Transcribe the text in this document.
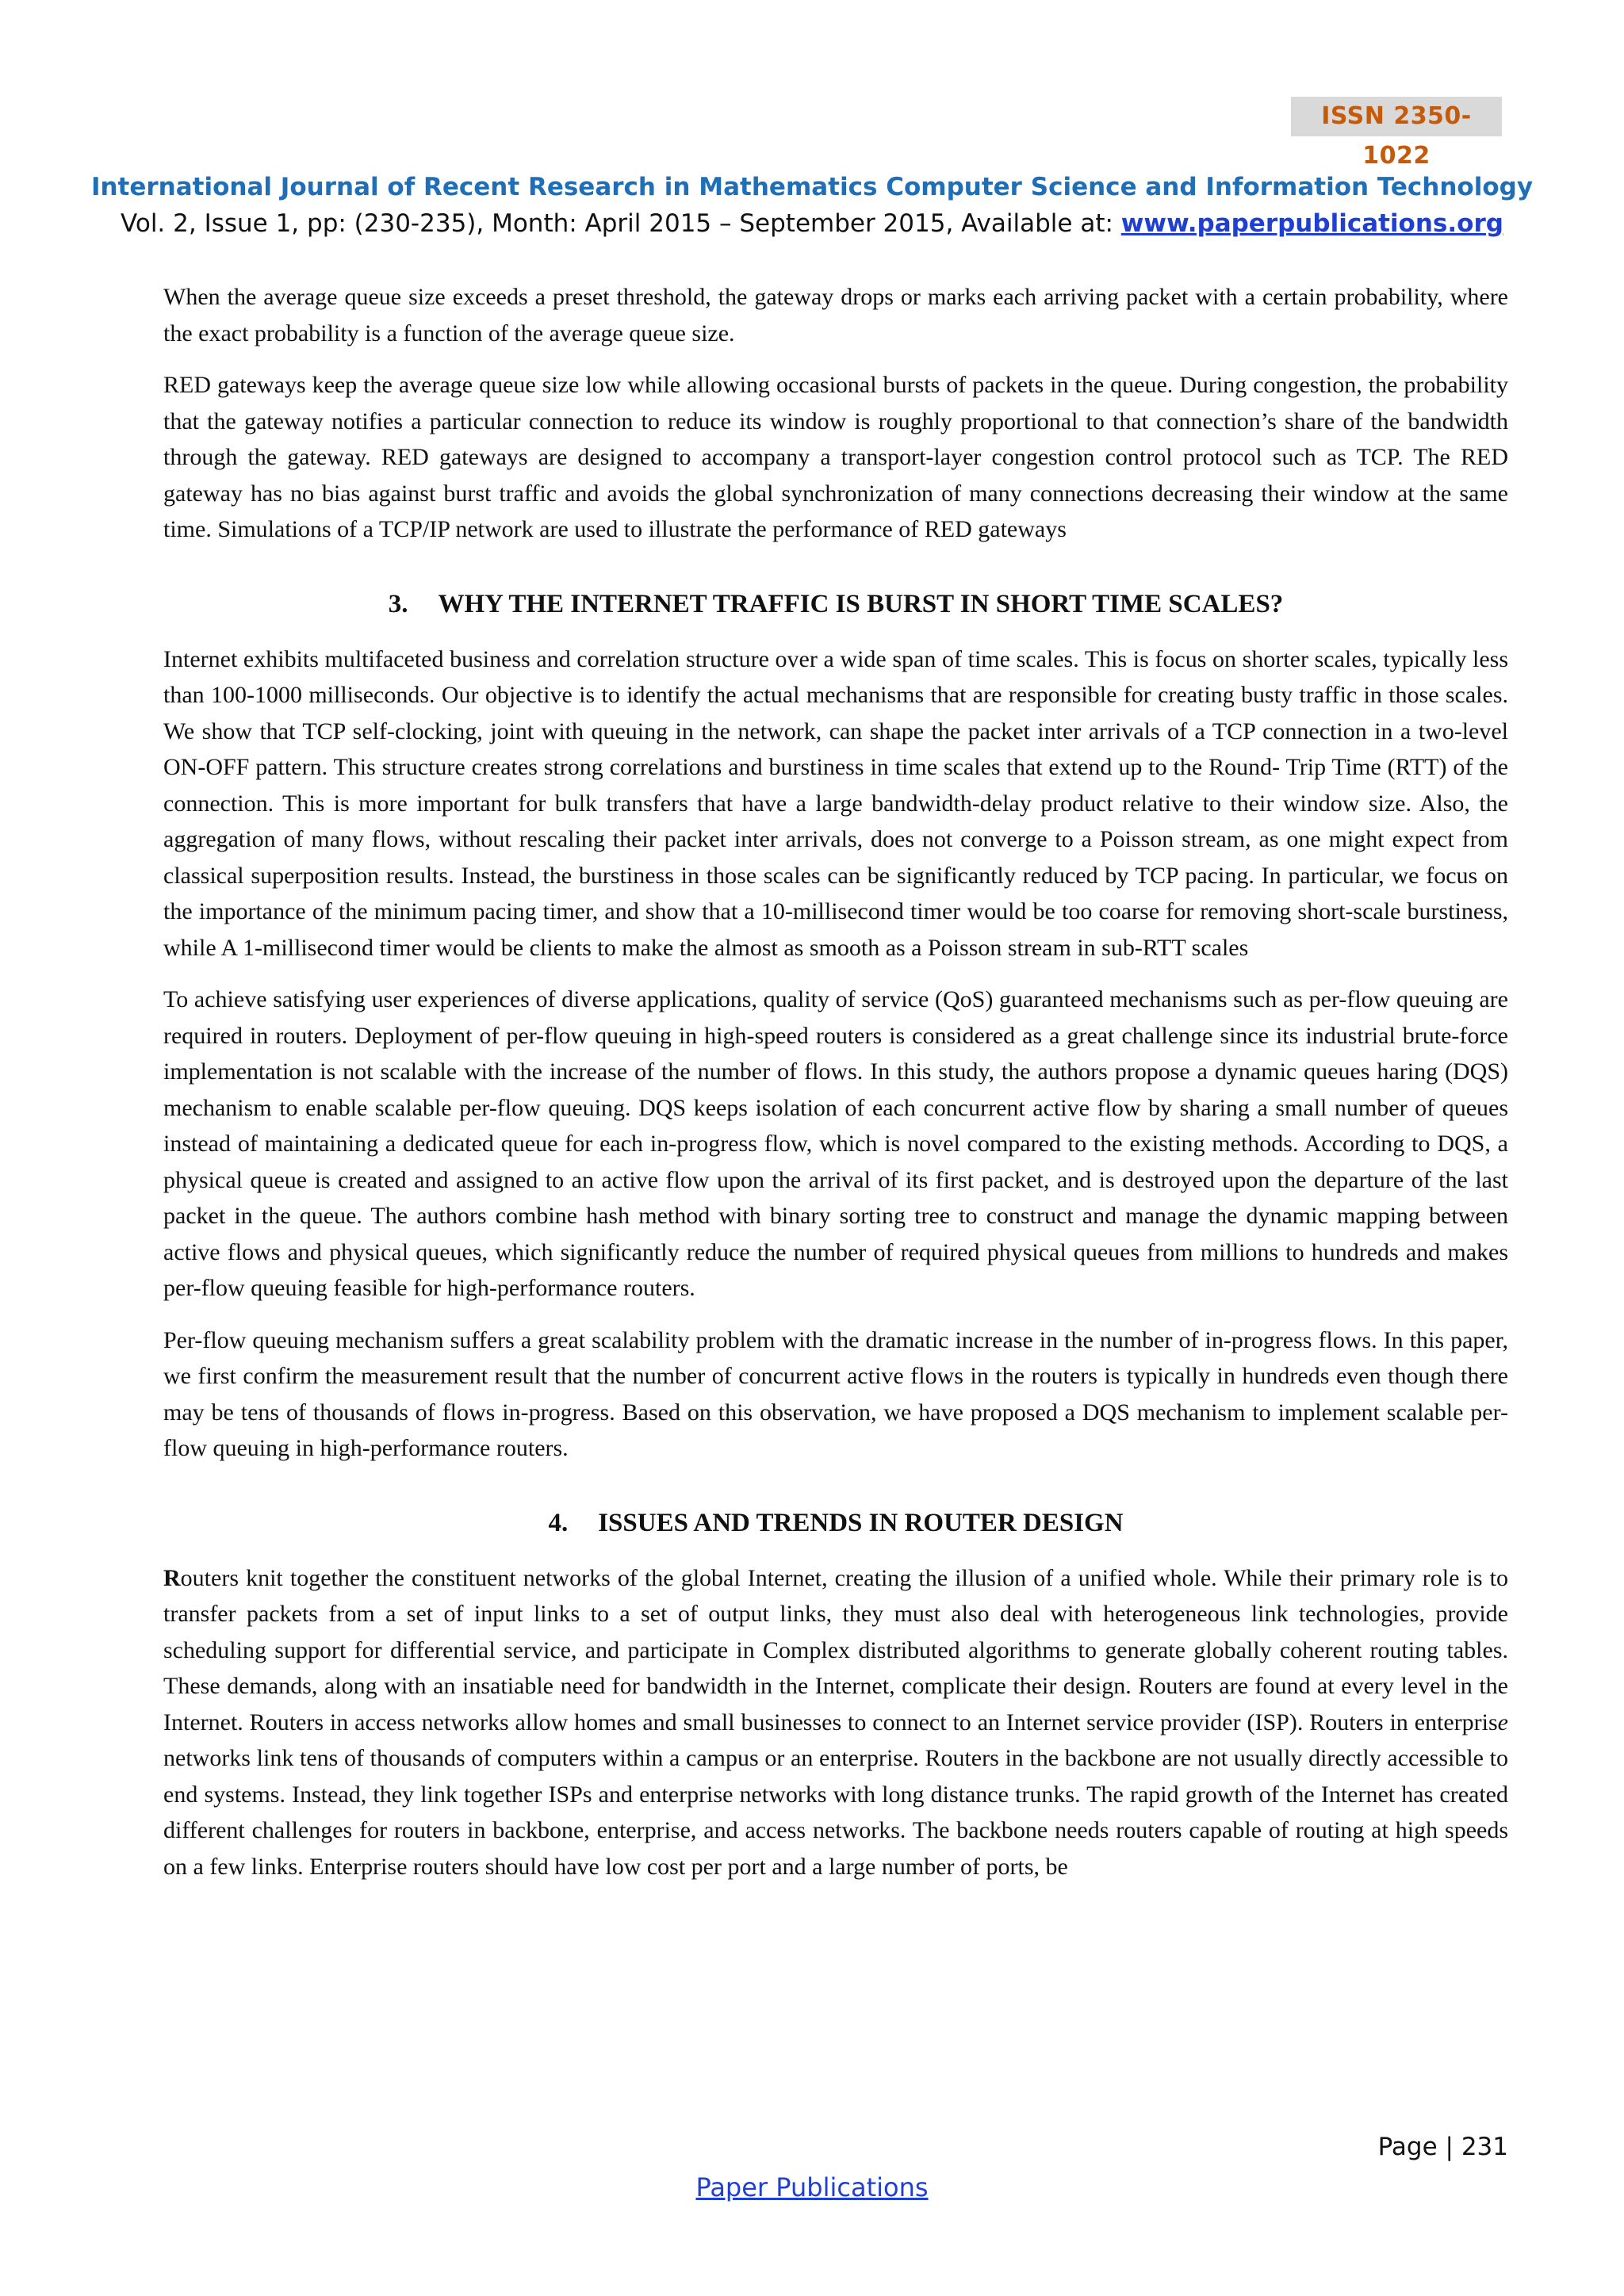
ISSN 2350-1022
International Journal of Recent Research in Mathematics Computer Science and Information Technology
Vol. 2, Issue 1, pp: (230-235), Month: April 2015 – September 2015, Available at: www.paperpublications.org

When the average queue size exceeds a preset threshold, the gateway drops or marks each arriving packet with a certain probability, where the exact probability is a function of the average queue size.

RED gateways keep the average queue size low while allowing occasional bursts of packets in the queue. During congestion, the probability that the gateway notifies a particular connection to reduce its window is roughly proportional to that connection’s share of the bandwidth through the gateway. RED gateways are designed to accompany a transport-layer congestion control protocol such as TCP. The RED gateway has no bias against burst traffic and avoids the global synchronization of many connections decreasing their window at the same time. Simulations of a TCP/IP network are used to illustrate the performance of RED gateways

3. WHY THE INTERNET TRAFFIC IS BURST IN SHORT TIME SCALES?

Internet exhibits multifaceted business and correlation structure over a wide span of time scales. This is focus on shorter scales, typically less than 100-1000 milliseconds. Our objective is to identify the actual mechanisms that are responsible for creating busty traffic in those scales. We show that TCP self-clocking, joint with queuing in the network, can shape the packet inter arrivals of a TCP connection in a two-level ON-OFF pattern. This structure creates strong correlations and burstiness in time scales that extend up to the Round- Trip Time (RTT) of the connection. This is more important for bulk transfers that have a large bandwidth-delay product relative to their window size. Also, the aggregation of many flows, without rescaling their packet inter arrivals, does not converge to a Poisson stream, as one might expect from classical superposition results. Instead, the burstiness in those scales can be significantly reduced by TCP pacing. In particular, we focus on the importance of the minimum pacing timer, and show that a 10-millisecond timer would be too coarse for removing short-scale burstiness, while A 1-millisecond timer would be clients to make the almost as smooth as a Poisson stream in sub-RTT scales

To achieve satisfying user experiences of diverse applications, quality of service (QoS) guaranteed mechanisms such as per-flow queuing are required in routers. Deployment of per-flow queuing in high-speed routers is considered as a great challenge since its industrial brute-force implementation is not scalable with the increase of the number of flows. In this study, the authors propose a dynamic queues haring (DQS) mechanism to enable scalable per-flow queuing. DQS keeps isolation of each concurrent active flow by sharing a small number of queues instead of maintaining a dedicated queue for each in-progress flow, which is novel compared to the existing methods. According to DQS, a physical queue is created and assigned to an active flow upon the arrival of its first packet, and is destroyed upon the departure of the last packet in the queue. The authors combine hash method with binary sorting tree to construct and manage the dynamic mapping between active flows and physical queues, which significantly reduce the number of required physical queues from millions to hundreds and makes per-flow queuing feasible for high-performance routers.

Per-flow queuing mechanism suffers a great scalability problem with the dramatic increase in the number of in-progress flows. In this paper, we first confirm the measurement result that the number of concurrent active flows in the routers is typically in hundreds even though there may be tens of thousands of flows in-progress. Based on this observation, we have proposed a DQS mechanism to implement scalable per-flow queuing in high-performance routers.

4. ISSUES AND TRENDS IN ROUTER DESIGN

Routers knit together the constituent networks of the global Internet, creating the illusion of a unified whole. While their primary role is to transfer packets from a set of input links to a set of output links, they must also deal with heterogeneous link technologies, provide scheduling support for differential service, and participate in Complex distributed algorithms to generate globally coherent routing tables. These demands, along with an insatiable need for bandwidth in the Internet, complicate their design. Routers are found at every level in the Internet. Routers in access networks allow homes and small businesses to connect to an Internet service provider (ISP). Routers in enterprise networks link tens of thousands of computers within a campus or an enterprise. Routers in the backbone are not usually directly accessible to end systems. Instead, they link together ISPs and enterprise networks with long distance trunks. The rapid growth of the Internet has created different challenges for routers in backbone, enterprise, and access networks. The backbone needs routers capable of routing at high speeds on a few links. Enterprise routers should have low cost per port and a large number of ports, be

Page | 231
Paper Publications
